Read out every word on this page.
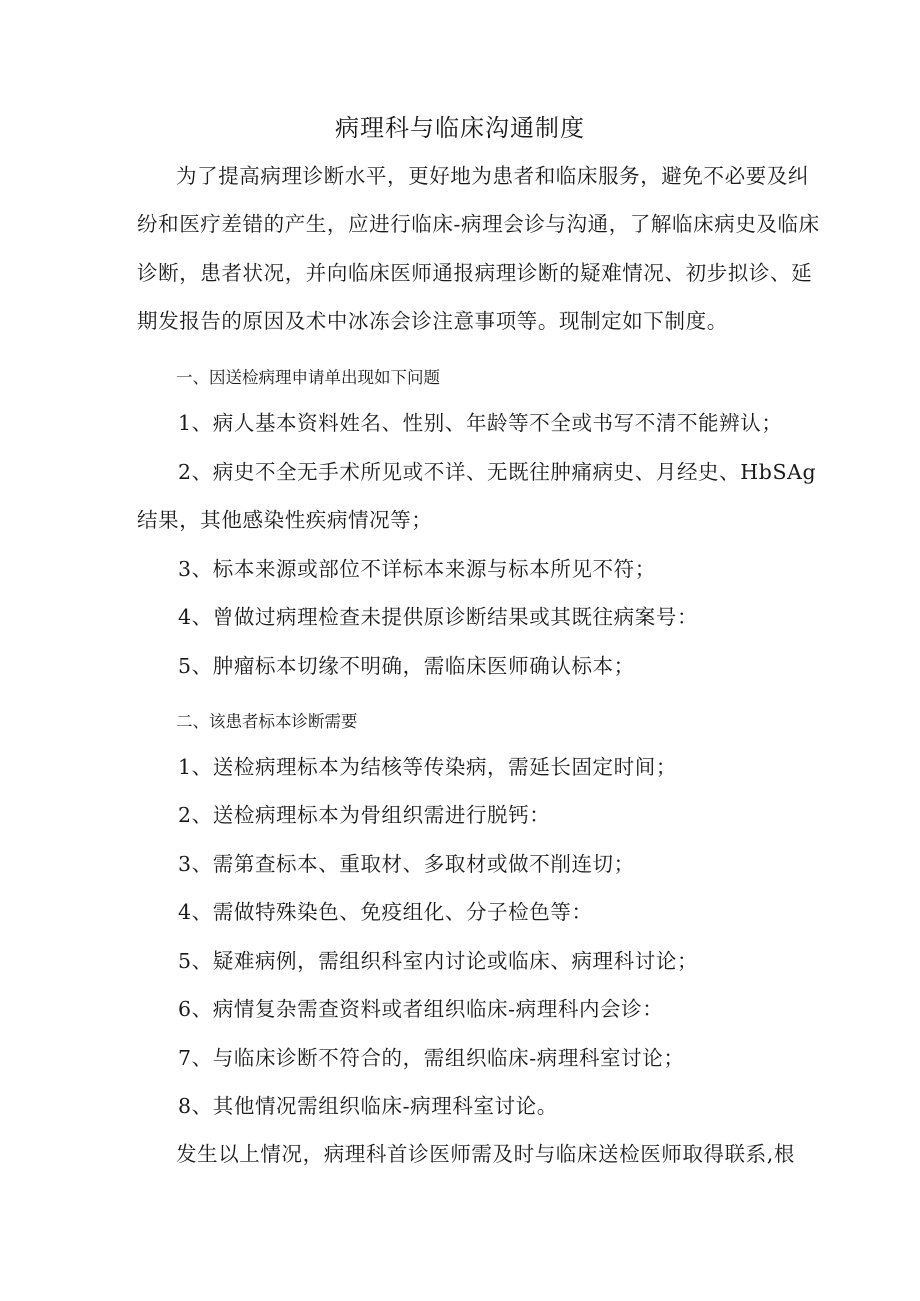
病理科与临床沟通制度
为了提高病理诊断水平，更好地为患者和临床服务，避免不必要及纠
纷和医疗差错的产生，应进行临床-病理会诊与沟通，了解临床病史及临床
诊断，患者状况，并向临床医师通报病理诊断的疑难情况、初步拟诊、延
期发报告的原因及术中冰冻会诊注意事项等。现制定如下制度。
一、因送检病理申请单出现如下问题
1、病人基本资料姓名、性别、年龄等不全或书写不清不能辨认；
2、病史不全无手术所见或不详、无既往肿痛病史、月经史、HbSAg
结果，其他感染性疾病情况等；
3、标本来源或部位不详标本来源与标本所见不符；
4、曾做过病理检查未提供原诊断结果或其既往病案号：
5、肿瘤标本切缘不明确，需临床医师确认标本；
二、该患者标本诊断需要
1、送检病理标本为结核等传染病，需延长固定时间；
2、送检病理标本为骨组织需进行脱钙：
3、需第查标本、重取材、多取材或做不削连切；
4、需做特殊染色、免疫组化、分子检色等：
5、疑难病例，需组织科室内讨论或临床、病理科讨论；
6、病情复杂需查资料或者组织临床-病理科内会诊：
7、与临床诊断不符合的，需组织临床-病理科室讨论；
8、其他情况需组织临床-病理科室讨论。
发生以上情况，病理科首诊医师需及时与临床送检医师取得联系,根
